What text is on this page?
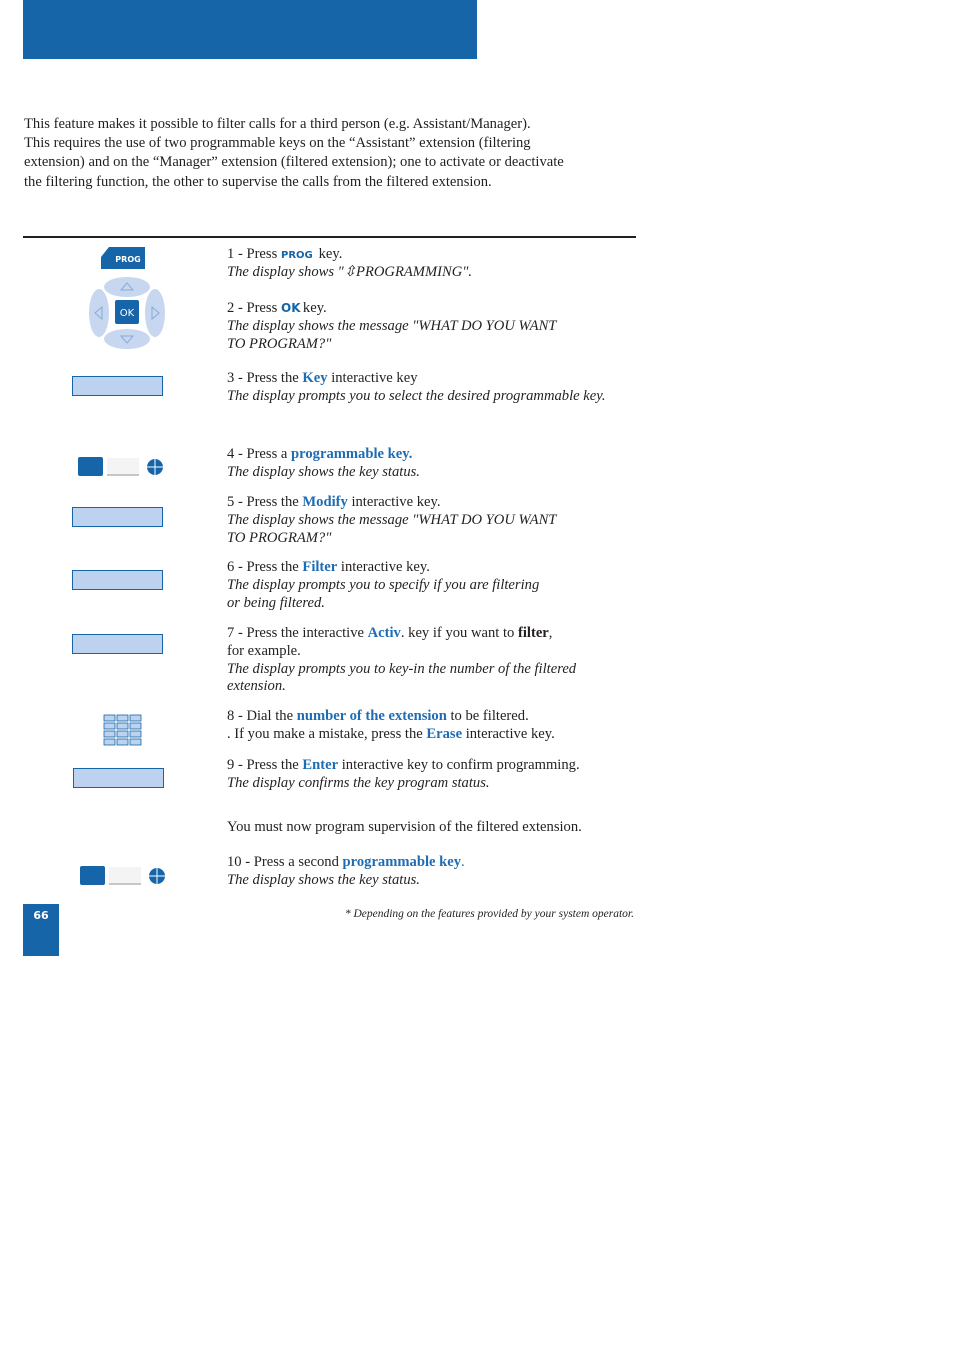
This feature makes it possible to filter calls for a third person (e.g. Assistant/Manager).
This requires the use of two programmable keys on the “Assistant” extension (filtering
extension) and on the “Manager” extension (filtered extension); one to activate or deactivate
the filtering function, the other to supervise the calls from the filtered extension.
PROG
OK
1 - Press PROG key.
The display shows "⇳PROGRAMMING".
2 - Press OK key.
The display shows the message "WHAT DO YOU WANT
TO PROGRAM?"
3 - Press the Key interactive key
The display prompts you to select the desired programmable key.
4 - Press a programmable key.
The display shows the key status.
5 - Press the Modify interactive key.
The display shows the message "WHAT DO YOU WANT
TO PROGRAM?"
6 - Press the Filter interactive key.
The display prompts you to specify if you are filtering
or being filtered.
7 - Press the interactive Activ. key if you want to filter,
for example.
The display prompts you to key-in the number of the filtered
extension.
8 - Dial the number of the extension to be filtered.
. If you make a mistake, press the Erase interactive key.
9 - Press the Enter interactive key to confirm programming.
The display confirms the key program status.
You must now program supervision of the filtered extension.
10 - Press a second programmable key.
The display shows the key status.
* Depending on the features provided by your system operator.
66
